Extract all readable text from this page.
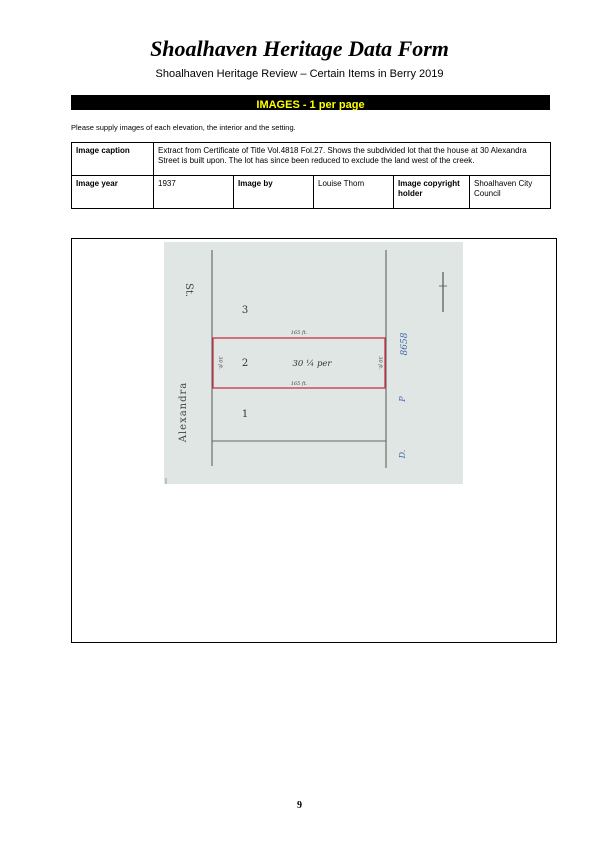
Shoalhaven Heritage Data Form
Shoalhaven Heritage Review – Certain Items in Berry 2019
IMAGES - 1 per page
Please supply images of each elevation, the interior and the setting.
Image caption	Extract from Certificate of Title Vol.4818 Fol.27. Shows the subdivided lot that the house at 30 Alexandra Street is built upon. The lot has since been reduced to exclude the land west of the creek.				
Image year	1937	Image by	Louise Thom	Image copyright holder	Shoalhaven City Council
165 ft.
165 ft.
30 ft.	30 ft.
3
2
1
30 ¼ per
St.
Alexandra
8658
P
D.
9
